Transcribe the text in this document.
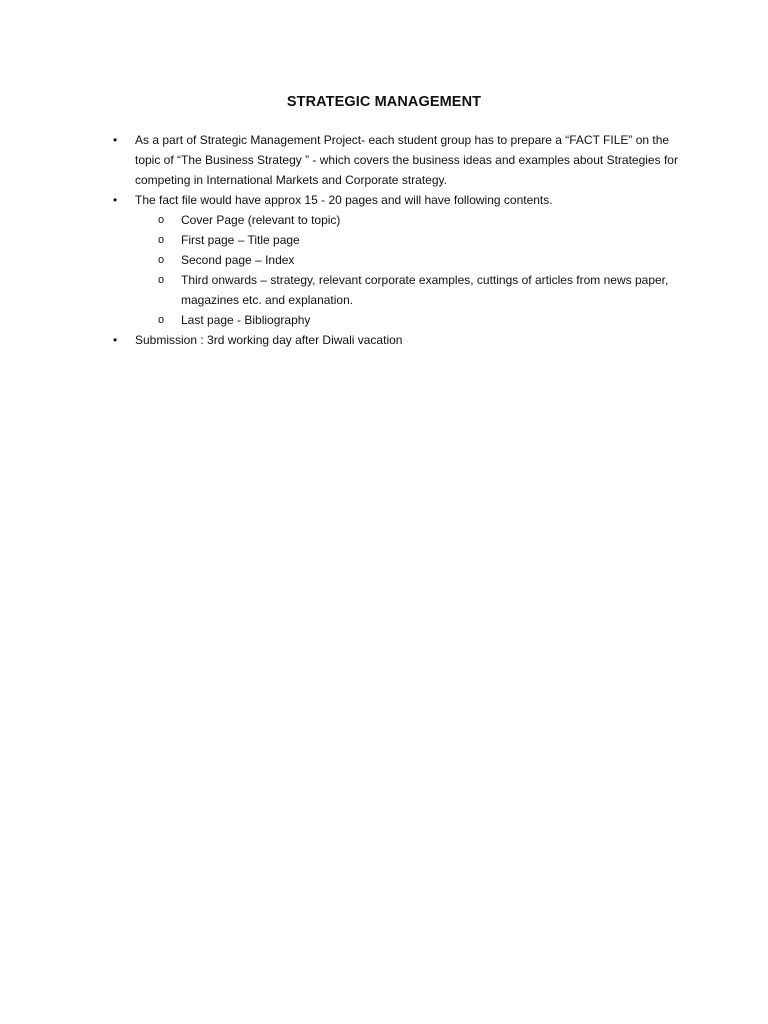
STRATEGIC MANAGEMENT
• As a part of Strategic Management Project- each student group has to prepare a “FACT FILE” on the topic of “The Business Strategy ” - which covers the business ideas and examples about Strategies for competing in International Markets and Corporate strategy.
• The fact file would have approx 15 - 20 pages and will have following contents.
o Cover Page (relevant to topic)
o First page – Title page
o Second page – Index
o Third onwards – strategy, relevant corporate examples, cuttings of articles from news paper, magazines etc. and explanation.
o Last page - Bibliography
• Submission : 3rd working day after Diwali vacation
